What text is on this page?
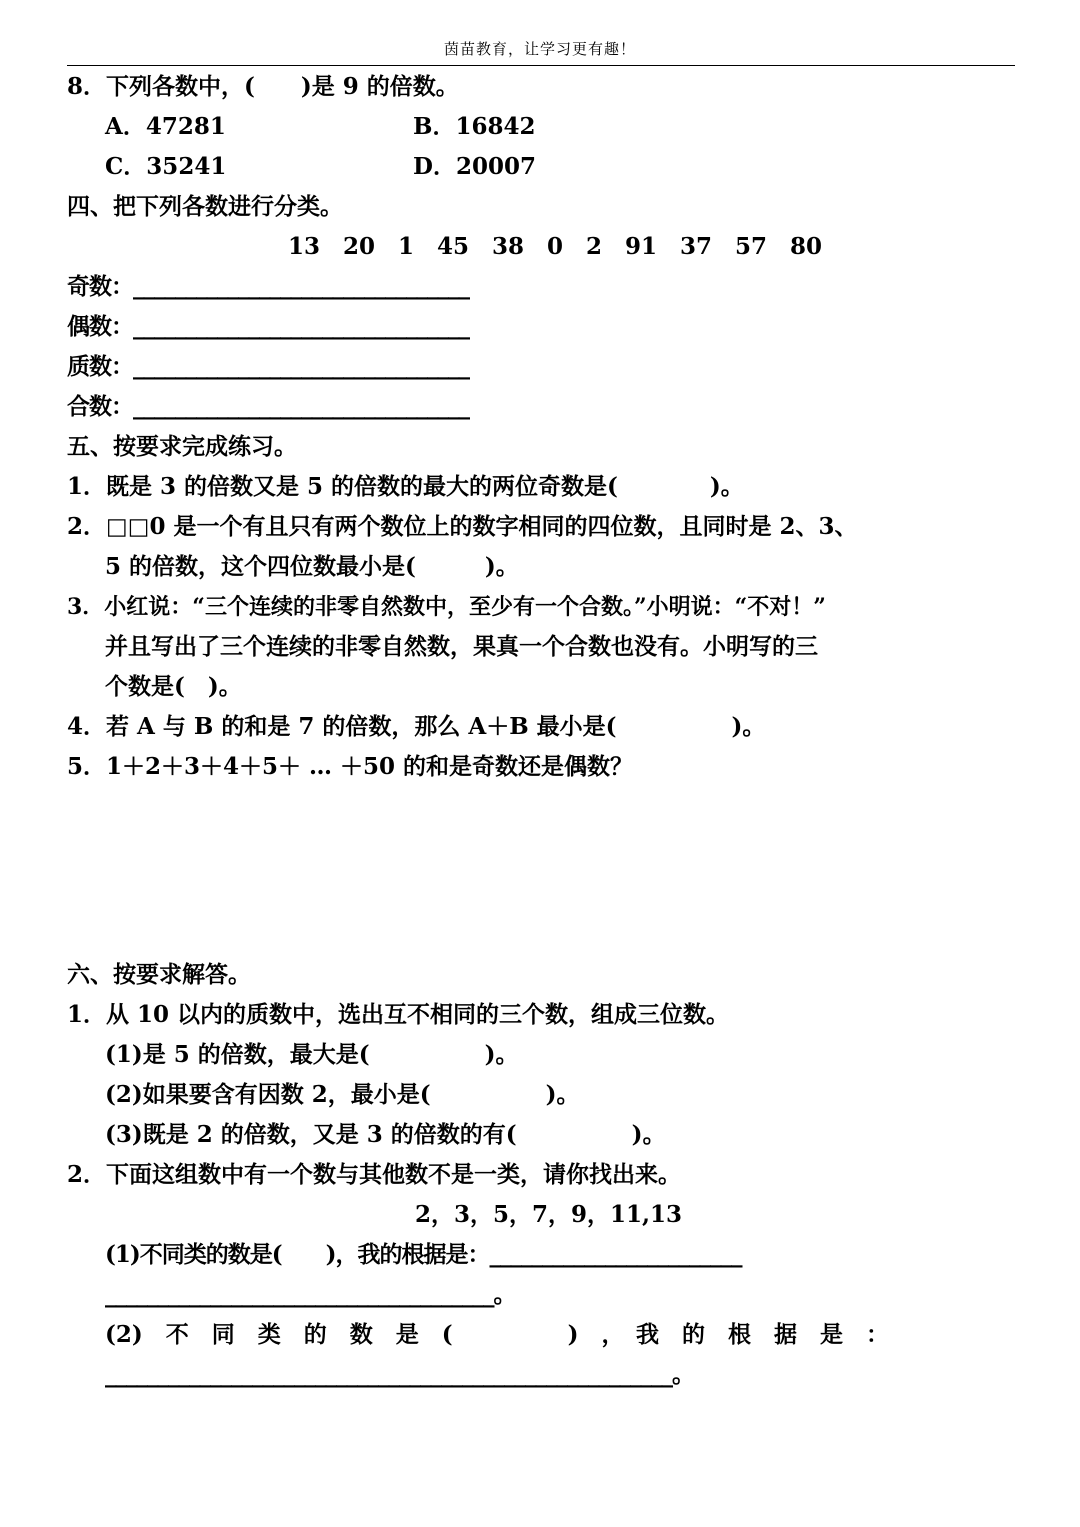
茵苗教育，让学习更有趣！
8．下列各数中，(　　)是 9 的倍数。
A．47281	B．16842
C．35241	D．20007
四、把下列各数进行分类。
13　20　1　45　38　0　2　91　37　57　80
奇数：________________________________
偶数：________________________________
质数：________________________________
合数：________________________________
五、按要求完成练习。
1．既是 3 的倍数又是 5 的倍数的最大的两位奇数是(　　　　)。
2．□□0 是一个有且只有两个数位上的数字相同的四位数，且同时是 2、3、
5 的倍数，这个四位数最小是(　　　)。
3．小红说：“三个连续的非零自然数中，至少有一个合数。”小明说：“不对！”
并且写出了三个连续的非零自然数，果真一个合数也没有。小明写的三
个数是(　)。
4．若 A 与 B 的和是 7 的倍数，那么 A＋B 最小是(　　　　　)。
5．1＋2＋3＋4＋5＋ … ＋50 的和是奇数还是偶数？
六、按要求解答。
1．从 10 以内的质数中，选出互不相同的三个数，组成三位数。
(1)是 5 的倍数，最大是(　　　　　)。
(2)如果要含有因数 2，最小是(　　　　　)。
(3)既是 2 的倍数，又是 3 的倍数的有(　　　　　)。
2．下面这组数中有一个数与其他数不是一类，请你找出来。
2，3，5，7，9，11,13
(1)不同类的数是(　　)，我的根据是：________________________
_____________________________________。
(2)　不　同　类　的　数　是　(　　　　　)　，　我　的　根　据　是　：
______________________________________________________。
